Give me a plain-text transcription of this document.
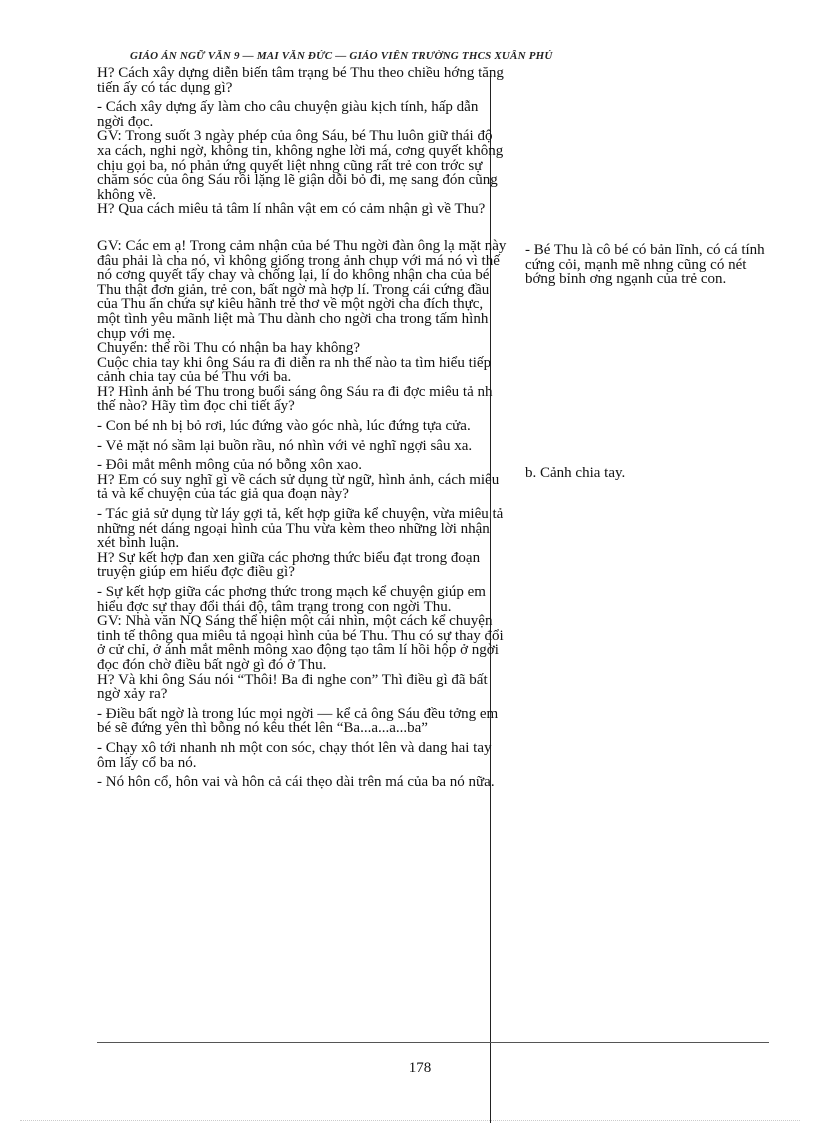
GIÁO ÁN NGỮ VĂN 9 — MAI VĂN ĐỨC — GIÁO VIÊN TRƯỜNG THCS XUÂN PHÚ

H? Cách xây dựng diễn biến tâm trạng bé Thu theo chiều hớng tăng tiến ấy có tác dụng gì?

- Cách xây dựng ấy làm cho câu chuyện giàu kịch tính, hấp dẫn ngời đọc.

GV: Trong suốt 3 ngày phép của ông Sáu, bé Thu luôn giữ thái độ xa cách, nghi ngờ, không tin, không nghe lời má, cơng quyết không chịu gọi ba, nó phản ứng quyết liệt nhng cũng rất trẻ con trớc sự chăm sóc của ông Sáu rồi lặng lẽ giận dỗi bỏ đi, mẹ sang đón cũng không về.

H? Qua cách miêu tả tâm lí nhân vật em có cảm nhận gì về Thu?

GV: Các em ạ! Trong cảm nhận của bé Thu ngời đàn ông lạ mặt này đâu phải là cha nó, vì không giống trong ảnh chụp với má nó vì thế nó cơng quyết tẩy chay và chống lại, lí do không nhận cha của bé Thu thật đơn giản, trẻ con, bất ngờ mà hợp lí. Trong cái cứng đầu của Thu ẩn chứa sự kiêu hãnh trẻ thơ về một ngời cha đích thực, một tình yêu mãnh liệt mà Thu dành cho ngời cha trong tấm hình chụp với mẹ.

Chuyển: thế rồi Thu có nhận ba hay không?

Cuộc chia tay khi ông Sáu ra đi diễn ra nh thế nào ta tìm hiểu tiếp cảnh chia tay của bé Thu với ba.

H? Hình ảnh bé Thu trong buổi sáng ông Sáu ra đi đợc miêu tả nh thế nào? Hãy tìm đọc chi tiết ấy?

- Con bé nh bị bỏ rơi, lúc đứng vào góc nhà, lúc đứng tựa cửa.

- Vẻ mặt nó sầm lại buồn rầu, nó nhìn với vẻ nghĩ ngợi sâu xa.

- Đôi mắt mênh mông của nó bỗng xôn xao.

H? Em có suy nghĩ gì về cách sử dụng từ ngữ, hình ảnh, cách miêu tả và kể chuyện của tác giả qua đoạn này?

- Tác giả sử dụng từ láy gợi tả, kết hợp giữa kể chuyện, vừa miêu tả những nét dáng ngoại hình của Thu vừa kèm theo những lời nhận xét bình luận.

H? Sự kết hợp đan xen giữa các phơng thức biểu đạt trong đoạn truyện giúp em hiểu đợc điều gì?

- Sự kết hợp giữa các phơng thức trong mạch kể chuyện giúp em hiểu đợc sự thay đổi thái độ, tâm trạng trong con ngời Thu.

GV: Nhà văn NQ Sáng thể hiện một cái nhìn, một cách kể chuyện tinh tế thông qua miêu tả ngoại hình của bé Thu. Thu có sự thay đổi ở cử chỉ, ở ánh mắt mênh mông xao động tạo tâm lí hồi hộp ở ngời đọc đón chờ điều bất ngờ gì đó ở Thu.

H? Và khi ông Sáu nói “Thôi! Ba đi nghe con” Thì điều gì đã bất ngờ xảy ra?

- Điều bất ngờ là trong lúc mọi ngời — kể cả ông Sáu đều tởng em bé sẽ đứng yên thì bỗng nó kêu thét lên “Ba...a...a...ba”

- Chạy xô tới nhanh nh một con sóc, chạy thót lên và dang hai tay ôm lấy cổ ba nó.

- Nó hôn cổ, hôn vai và hôn cả cái thẹo dài trên má của ba nó nữa.

- Bé Thu là cô bé có bản lĩnh, có cá tính cứng cỏi, mạnh mẽ nhng cũng có nét bớng bỉnh ơng ngạnh của trẻ con.

b. Cảnh chia tay.

178
